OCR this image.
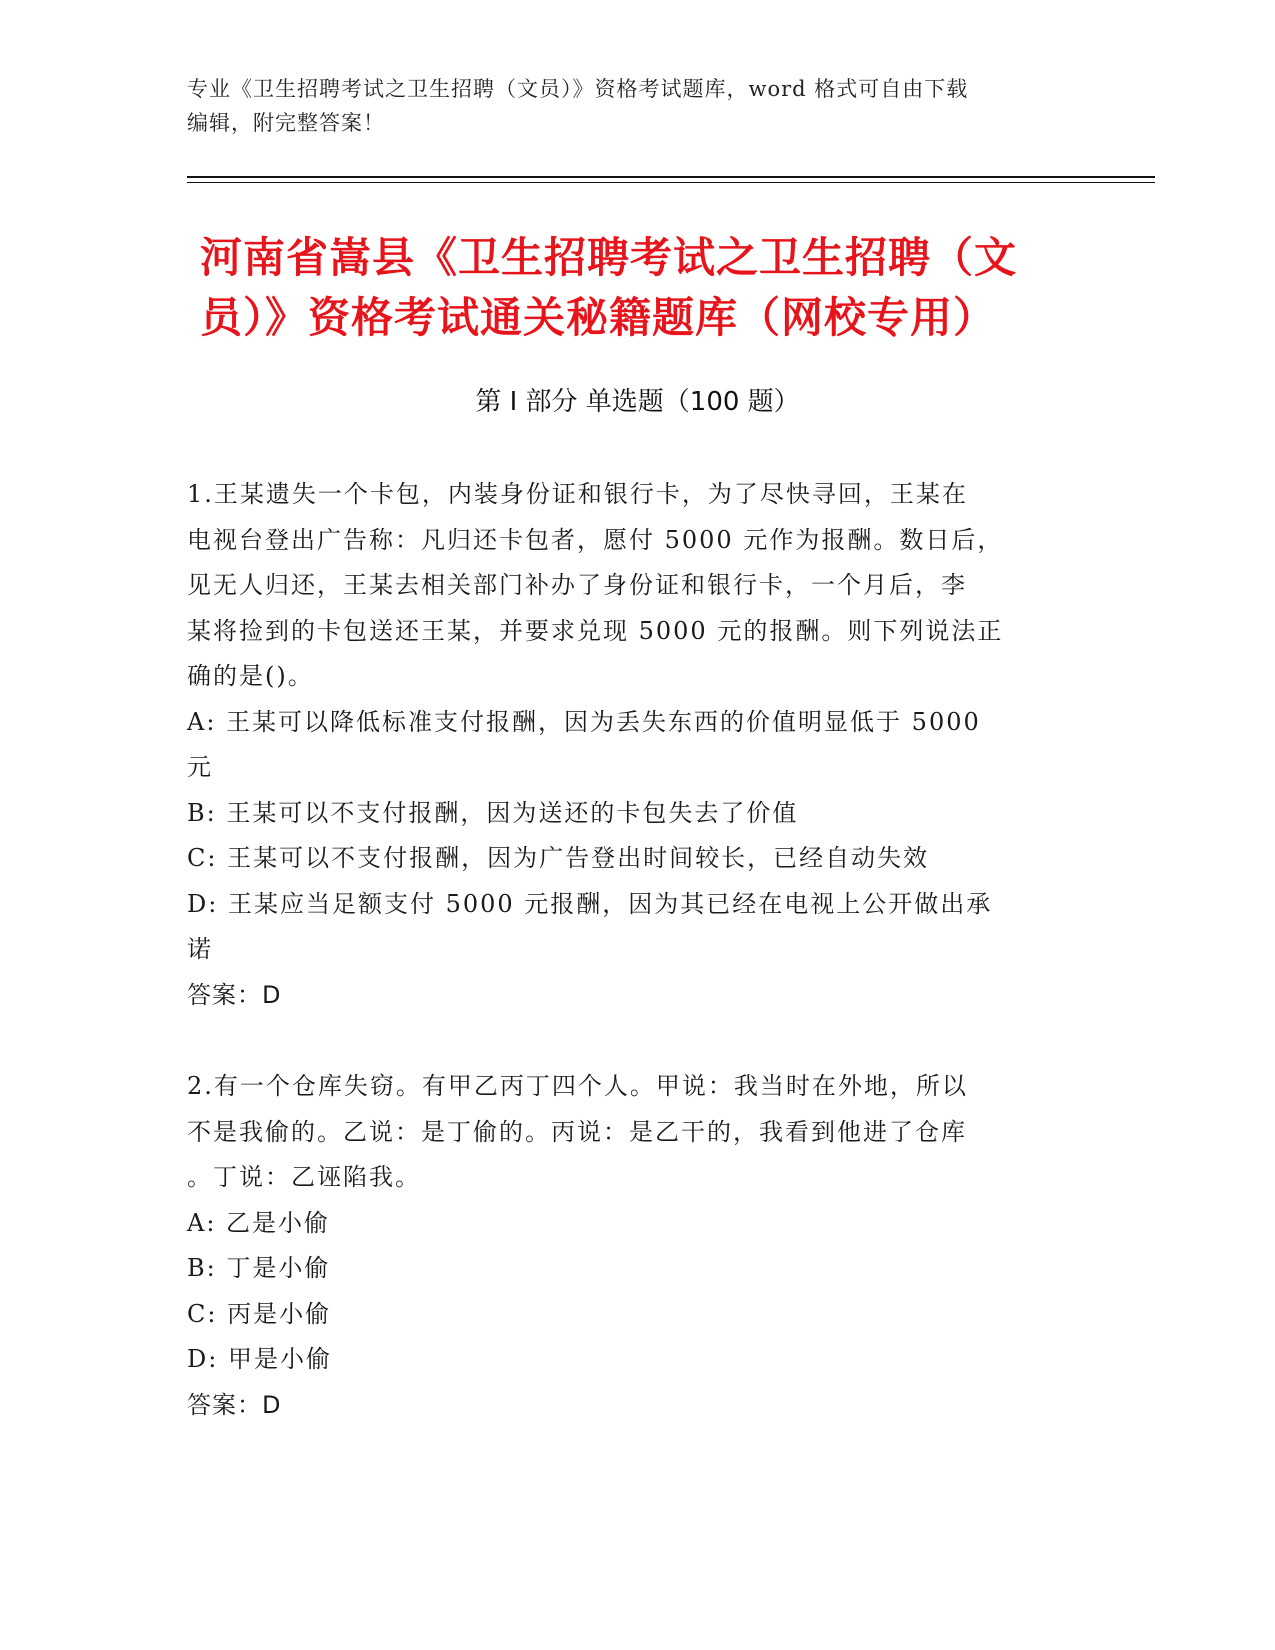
专业《卫生招聘考试之卫生招聘（文员）》资格考试题库，word 格式可自由下载
编辑，附完整答案！
河南省嵩县《卫生招聘考试之卫生招聘（文
员）》资格考试通关秘籍题库（网校专用）
第 I 部分 单选题（100 题）
1.王某遗失一个卡包，内装身份证和银行卡，为了尽快寻回，王某在
电视台登出广告称：凡归还卡包者，愿付 5000 元作为报酬。数日后，
见无人归还，王某去相关部门补办了身份证和银行卡，一个月后，李
某将捡到的卡包送还王某，并要求兑现 5000 元的报酬。则下列说法正
确的是()。
A: 王某可以降低标准支付报酬，因为丢失东西的价值明显低于 5000
元
B: 王某可以不支付报酬，因为送还的卡包失去了价值
C: 王某可以不支付报酬，因为广告登出时间较长，已经自动失效
D: 王某应当足额支付 5000 元报酬，因为其已经在电视上公开做出承
诺
答案：D
2.有一个仓库失窃。有甲乙丙丁四个人。甲说：我当时在外地，所以
不是我偷的。乙说：是丁偷的。丙说：是乙干的，我看到他进了仓库
。丁说：乙诬陷我。
A: 乙是小偷
B: 丁是小偷
C: 丙是小偷
D: 甲是小偷
答案：D
